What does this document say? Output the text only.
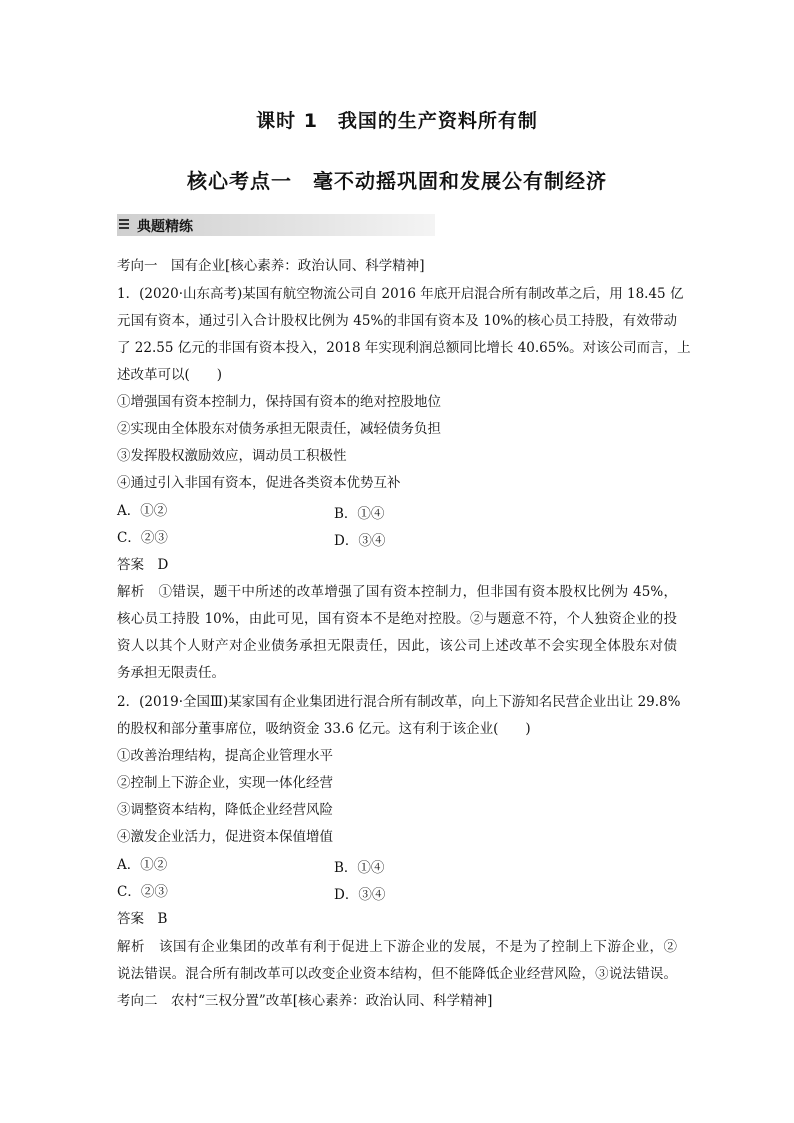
课时 1　我国的生产资料所有制
核心考点一　毫不动摇巩固和发展公有制经济
典题精练
考向一　国有企业[核心素养：政治认同、科学精神]
1．(2020·山东高考)某国有航空物流公司自 2016 年底开启混合所有制改革之后，用 18.45 亿
元国有资本，通过引入合计股权比例为 45%的非国有资本及 10%的核心员工持股，有效带动
了 22.55 亿元的非国有资本投入，2018 年实现利润总额同比增长 40.65%。对该公司而言，上
述改革可以(　　)
①增强国有资本控制力，保持国有资本的绝对控股地位
②实现由全体股东对债务承担无限责任，减轻债务负担
③发挥股权激励效应，调动员工积极性
④通过引入非国有资本，促进各类资本优势互补
A．①②	B．①④
C．②③	D．③④
答案　D
解析　①错误，题干中所述的改革增强了国有资本控制力，但非国有资本股权比例为 45%，
核心员工持股 10%，由此可见，国有资本不是绝对控股。②与题意不符，个人独资企业的投
资人以其个人财产对企业债务承担无限责任，因此，该公司上述改革不会实现全体股东对债
务承担无限责任。
2．(2019·全国Ⅲ)某家国有企业集团进行混合所有制改革，向上下游知名民营企业出让 29.8%
的股权和部分董事席位，吸纳资金 33.6 亿元。这有利于该企业(　　)
①改善治理结构，提高企业管理水平
②控制上下游企业，实现一体化经营
③调整资本结构，降低企业经营风险
④激发企业活力，促进资本保值增值
A．①②	B．①④
C．②③	D．③④
答案　B
解析　该国有企业集团的改革有利于促进上下游企业的发展，不是为了控制上下游企业，②
说法错误。混合所有制改革可以改变企业资本结构，但不能降低企业经营风险，③说法错误。
考向二　农村“三权分置”改革[核心素养：政治认同、科学精神]
